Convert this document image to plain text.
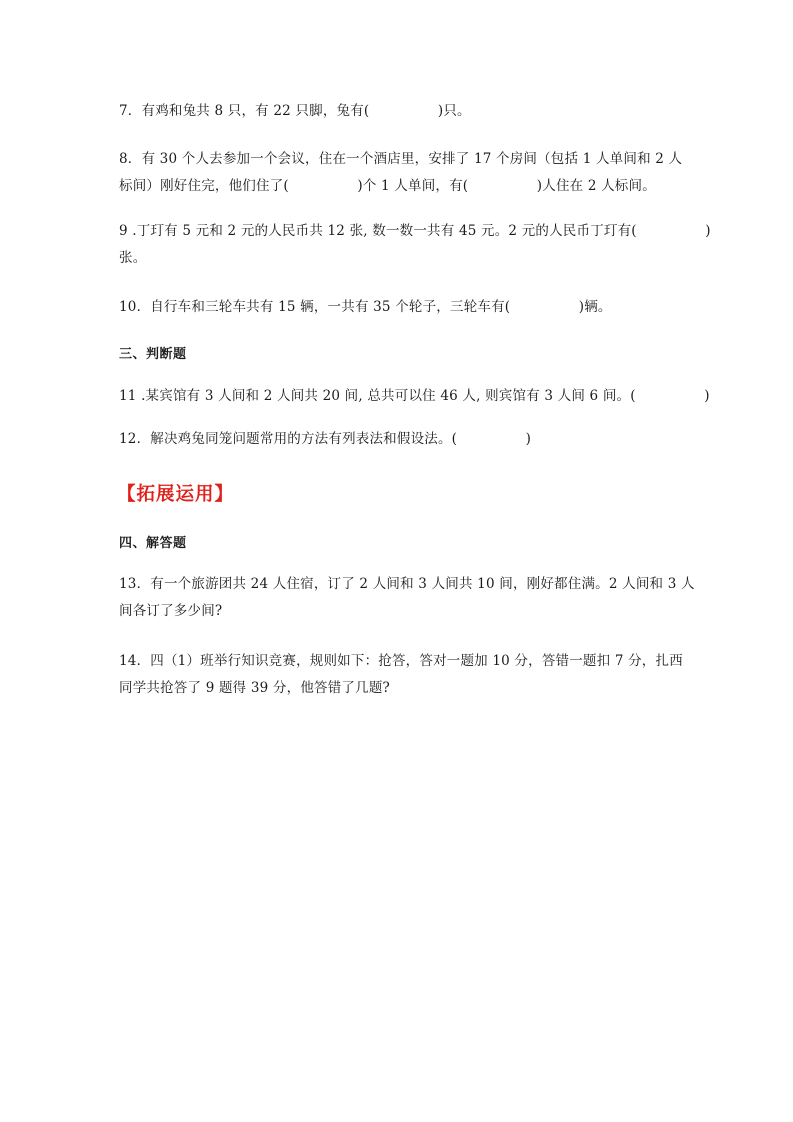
7．有鸡和兔共 8 只，有 22 只脚，兔有(　　　　　)只。
8．有 30 个人去参加一个会议，住在一个酒店里，安排了 17 个房间（包括 1 人单间和 2 人
标间）刚好住完，他们住了(　　　　　)个 1 人单间，有(　　　　　)人住在 2 人标间。
9 .丁玎有 5 元和 2 元的人民币共 12 张, 数一数一共有 45 元。2 元的人民币丁玎有(　　　　　)
张。
10．自行车和三轮车共有 15 辆，一共有 35 个轮子，三轮车有(　　　　　)辆。
三、判断题
11 .某宾馆有 3 人间和 2 人间共 20 间, 总共可以住 46 人, 则宾馆有 3 人间 6 间。(　　　　　)
12．解决鸡兔同笼问题常用的方法有列表法和假设法。(　　　　　)
【拓展运用】
四、解答题
13．有一个旅游团共 24 人住宿，订了 2 人间和 3 人间共 10 间，刚好都住满。2 人间和 3 人
间各订了多少间?
14．四（1）班举行知识竞赛，规则如下：抢答，答对一题加 10 分，答错一题扣 7 分，扎西
同学共抢答了 9 题得 39 分，他答错了几题?
